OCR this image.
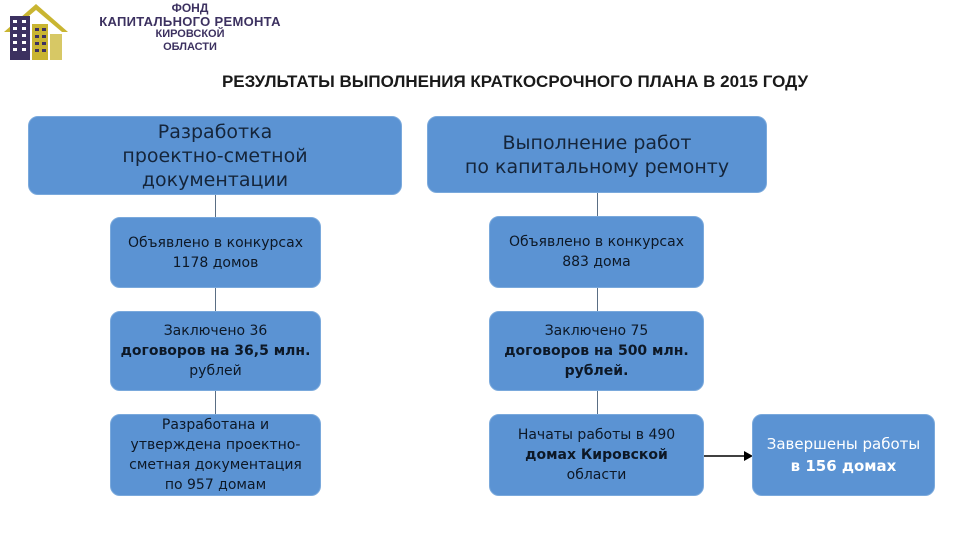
ФОНД
КАПИТАЛЬНОГО РЕМОНТА
КИРОВСКОЙ
ОБЛАСТИ
РЕЗУЛЬТАТЫ ВЫПОЛНЕНИЯ КРАТКОСРОЧНОГО ПЛАНА В 2015 ГОДУ
Разработка
проектно-сметной
документации
Объявлено в конкурсах
1178 домов
Заключено 36
договоров на 36,5 млн.
рублей
Разработана и
утверждена проектно-
сметная документация
по 957 домам
Выполнение работ
по капитальному ремонту
Объявлено в конкурсах
883 дома
Заключено 75
договоров на 500 млн.
рублей.
Начаты работы в 490
домах Кировской
области
Завершены работы
в 156 домах
